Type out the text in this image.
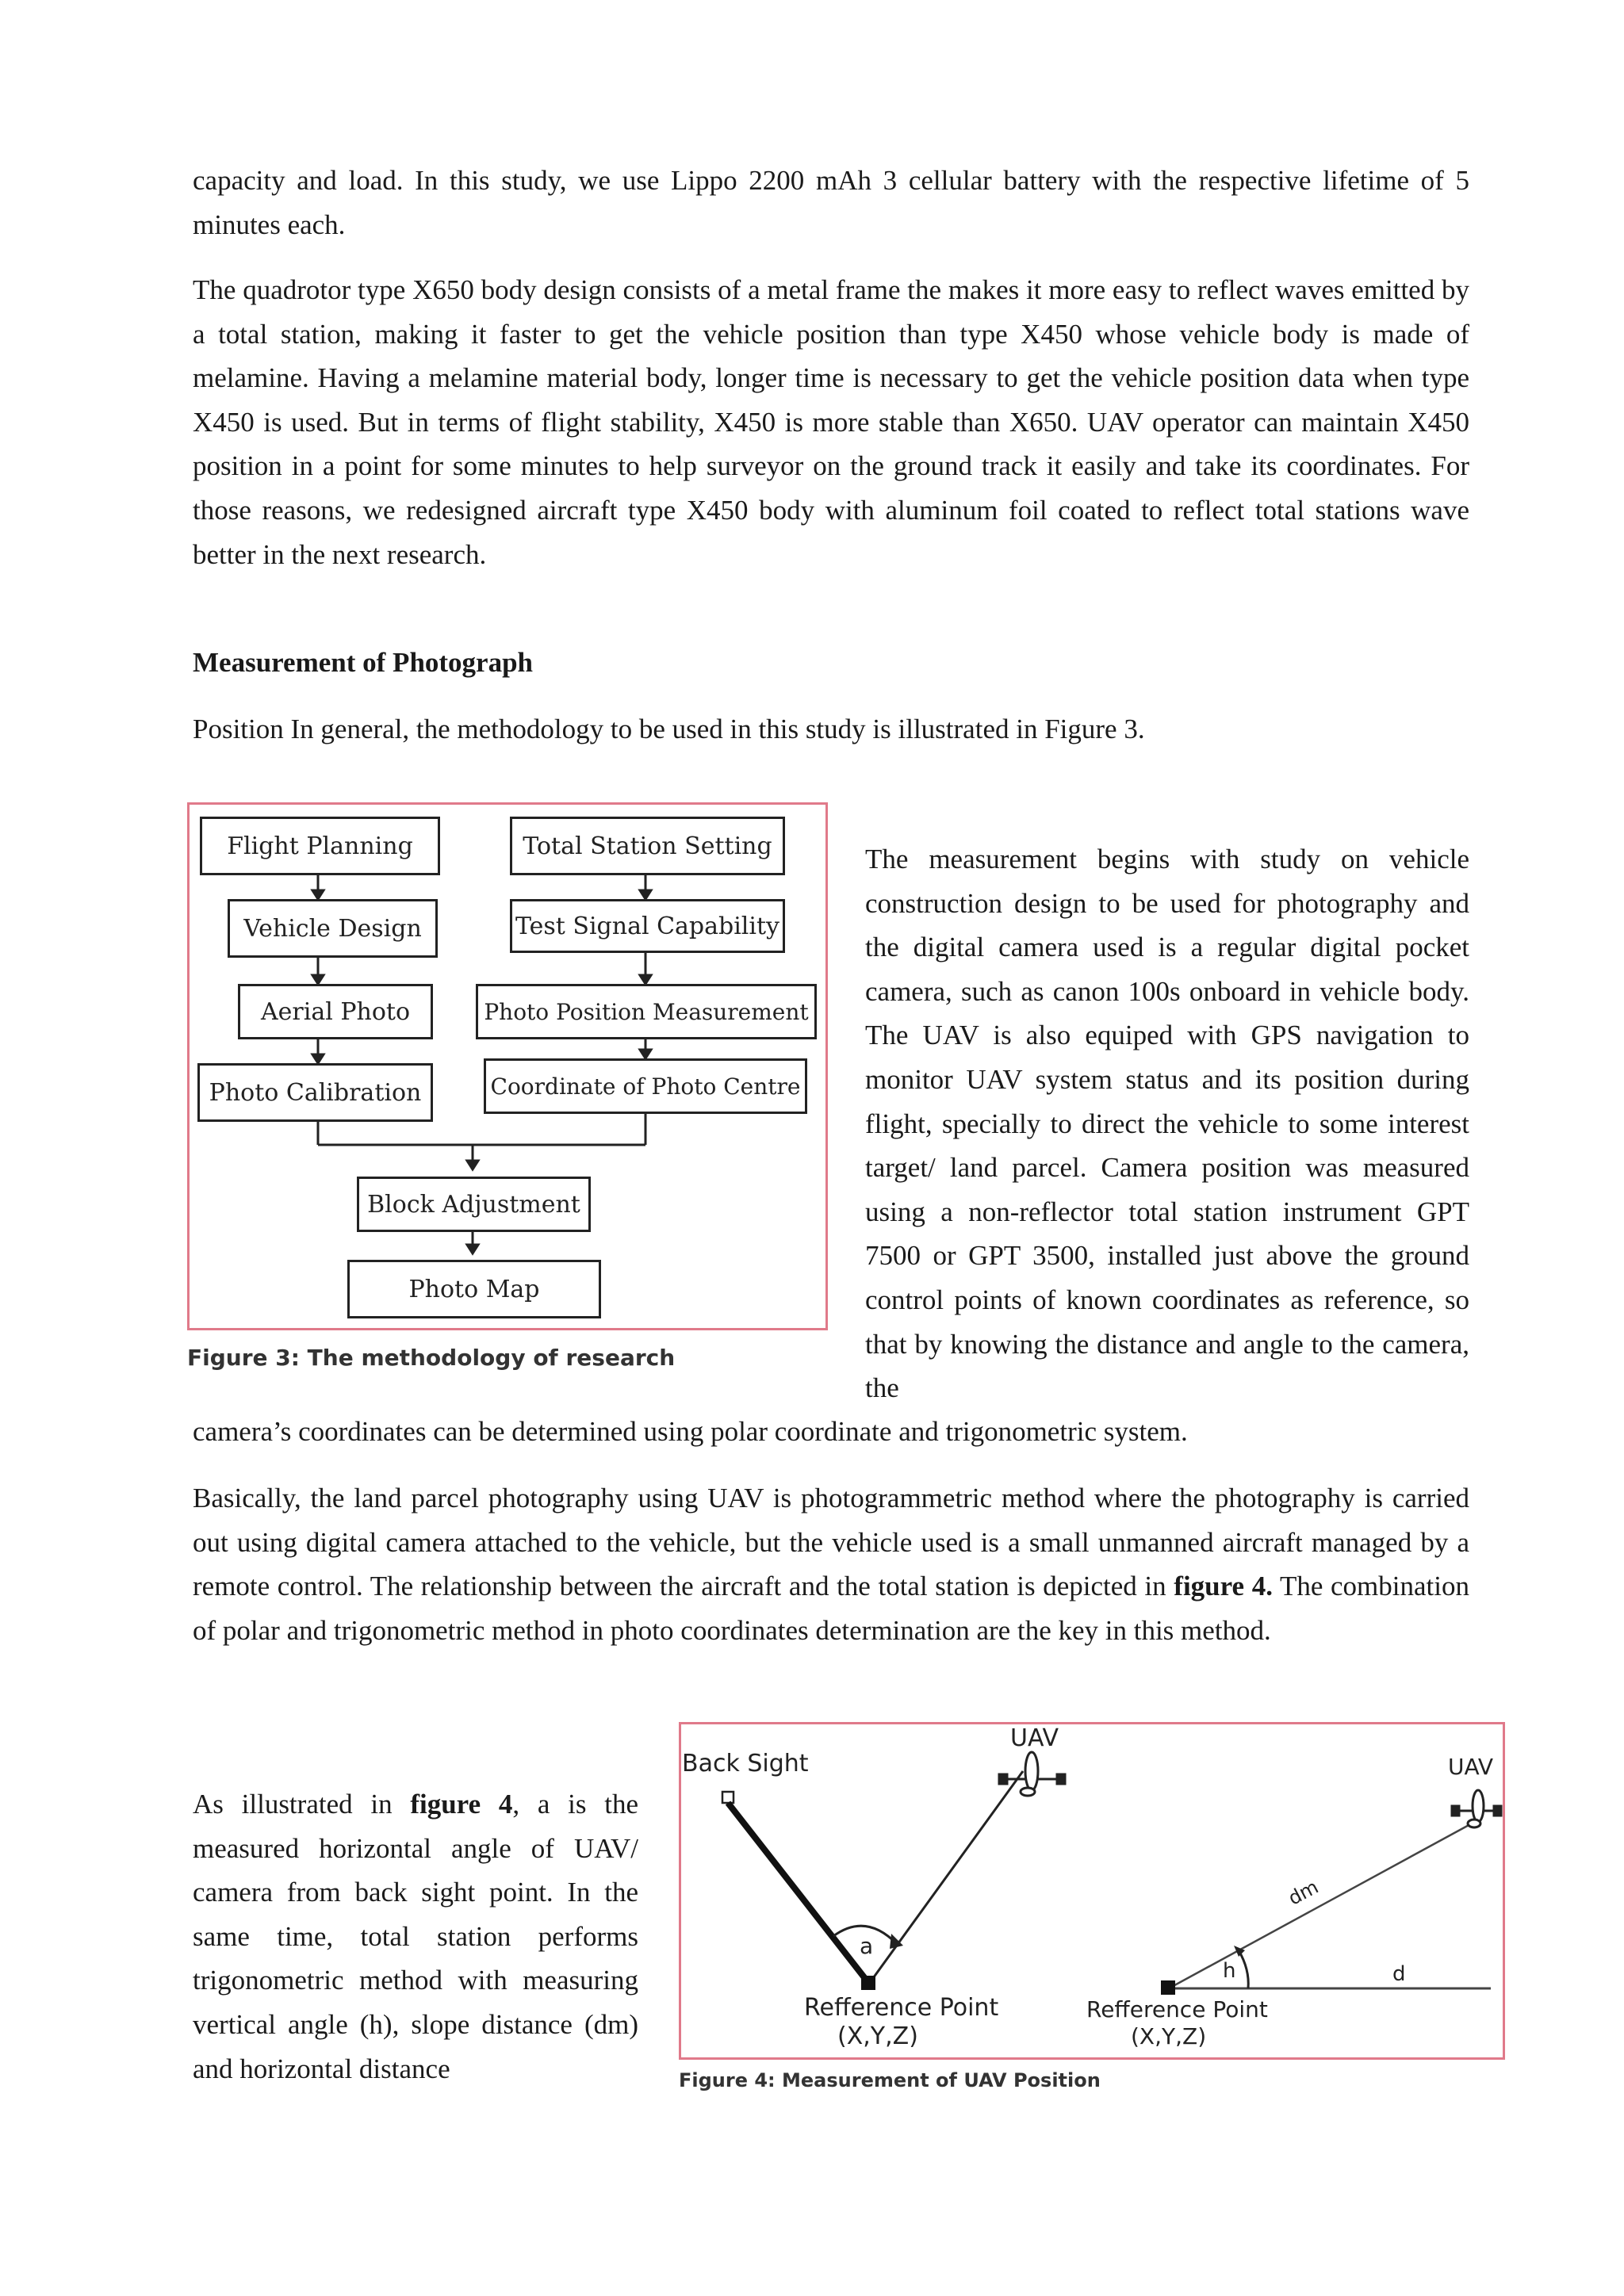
capacity and load. In this study, we use Lippo 2200 mAh 3 cellular battery with the respective lifetime of 5 minutes each.

The quadrotor type X650 body design consists of a metal frame the makes it more easy to reflect waves emitted by a total station, making it faster to get the vehicle position than type X450 whose vehicle body is made of melamine. Having a melamine material body, longer time is necessary to get the vehicle position data when type X450 is used. But in terms of flight stability, X450 is more stable than X650. UAV operator can maintain X450 position in a point for some minutes to help surveyor on the ground track it easily and take its coordinates. For those reasons, we redesigned aircraft type X450 body with aluminum foil coated to reflect total stations wave better in the next research.

Measurement of Photograph

Position In general, the methodology to be used in this study is illustrated in Figure 3.

Flight Planning	Total Station Setting
Vehicle Design	Test Signal Capability
Aerial Photo	Photo Position Measurement
Photo Calibration	Coordinate of Photo Centre
Block Adjustment
Photo Map
Figure 3: The methodology of research

The measurement begins with study on vehicle construction design to be used for photography and the digital camera used is a regular digital pocket camera, such as canon 100s onboard in vehicle body. The UAV is also equiped with GPS navigation to monitor UAV system status and its position during flight, specially to direct the vehicle to some interest target/ land parcel. Camera position was measured using a non-reflector total station instrument GPT 7500 or GPT 3500, installed just above the ground control points of known coordinates as reference, so that by knowing the distance and angle to the camera, the

camera’s coordinates can be determined using polar coordinate and trigonometric system.

Basically, the land parcel photography using UAV is photogrammetric method where the photography is carried out using digital camera attached to the vehicle, but the vehicle used is a small unmanned aircraft managed by a remote control. The relationship between the aircraft and the total station is depicted in figure 4. The combination of polar and trigonometric method in photo coordinates determination are the key in this method.

Back Sight
a
UAV
Refference Point
(X,Y,Z)
h	d
dm
UAV
Refference Point
(X,Y,Z)
Figure 4: Measurement of UAV Position

As illustrated in figure 4, a is the measured horizontal angle of UAV/ camera from back sight point. In the same time, total station performs trigonometric method with measuring vertical angle (h), slope distance (dm) and horizontal distance
